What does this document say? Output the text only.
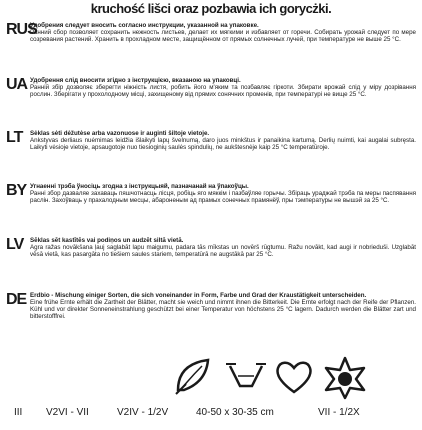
kruchość lišci oraz pozbawia ich gorycżki.
RUS
Удобрения следует вносить согласно инструкции, указанной на упаковке.
Ранний сбор позволяет сохранить нежность листьев, делает их мягкими и избавляет от горечи. Собирать урожай следует по мере созревания растений. Хранить в прохладном месте, защищённом от прямых солнечных лучей, при температуре не выше 25 °C.
UA Удобрення слід вносити згідно з інструкцією, вказаною на упаковці.
Ранній збір дозволяє зберегти ніжність листя, робить його м'яким та позбавляє гіркоти. Збирати врожай слід у міру дозрівання рослин. Зберігати у прохолодному місці, захищеному від прямих сонячних променів, при температурі не вище 25 °C.
LT	Sėklas sėti dėžutėse arba vazonuose ir auginti šiltoje vietoje.
Ankstyvas derliaus nuėmimas leidžia išlaikyti lapų švelnumą, daro juos minkštus ir panaikina kartumą. Derlių nuimti, kai augalai subręsta. Laikyti vėsioje vietoje, apsaugotoje nuo tiesioginių saulės spindulių, ne aukštesnėje kaip 25 °C temperatūroje.
BY Угнаенні трэба ўносіць згодна з інструкцыяй, пазначанай на ўпакоўцы.
Ранні збор дазваляе захаваць пяшчотнасць лісця, робіць яго мяккім і пазбаўляе горычы. Збіраць ураджай трэба па меры паспявання раслін. Захоўваць у прахалодным месцы, абароненым ад прамых сонечных прамянёў, пры тэмпературы не вышэй за 25 °C.
LV	Sēklas sēt kastītēs vai podiņos un audzēt siltā vietā.
Agra ražas novākšana ļauj saglabāt lapu maigumu, padara tās mīkstas un novērš rūgtumu. Ražu novākt, kad augi ir nobrieduši. Uzglabāt vēsā vietā, kas pasargāta no tiešiem saules stariem, temperatūrā ne augstākā par 25 °C.
DE Erdbio - Mischung einiger Sorten, die sich voneinander in Form, Farbe und Grad der Kraustätigkeit unterscheiden.
Eine frühe Ernte erhält die Zartheit der Blätter, macht sie weich und nimmt ihnen die Bitterkeit. Die Ernte erfolgt nach der Reife der Pflanzen. Kühl und vor direkter Sonneneinstrahlung geschützt bei einer Temperatur von höchstens 25 °C lagern. Dadurch werden die Blätter zart und bitterstofffrei.
III V2VI - VII	V2IV - 1/2V	40-50 x 30-35 cm	VII - 1/2X
